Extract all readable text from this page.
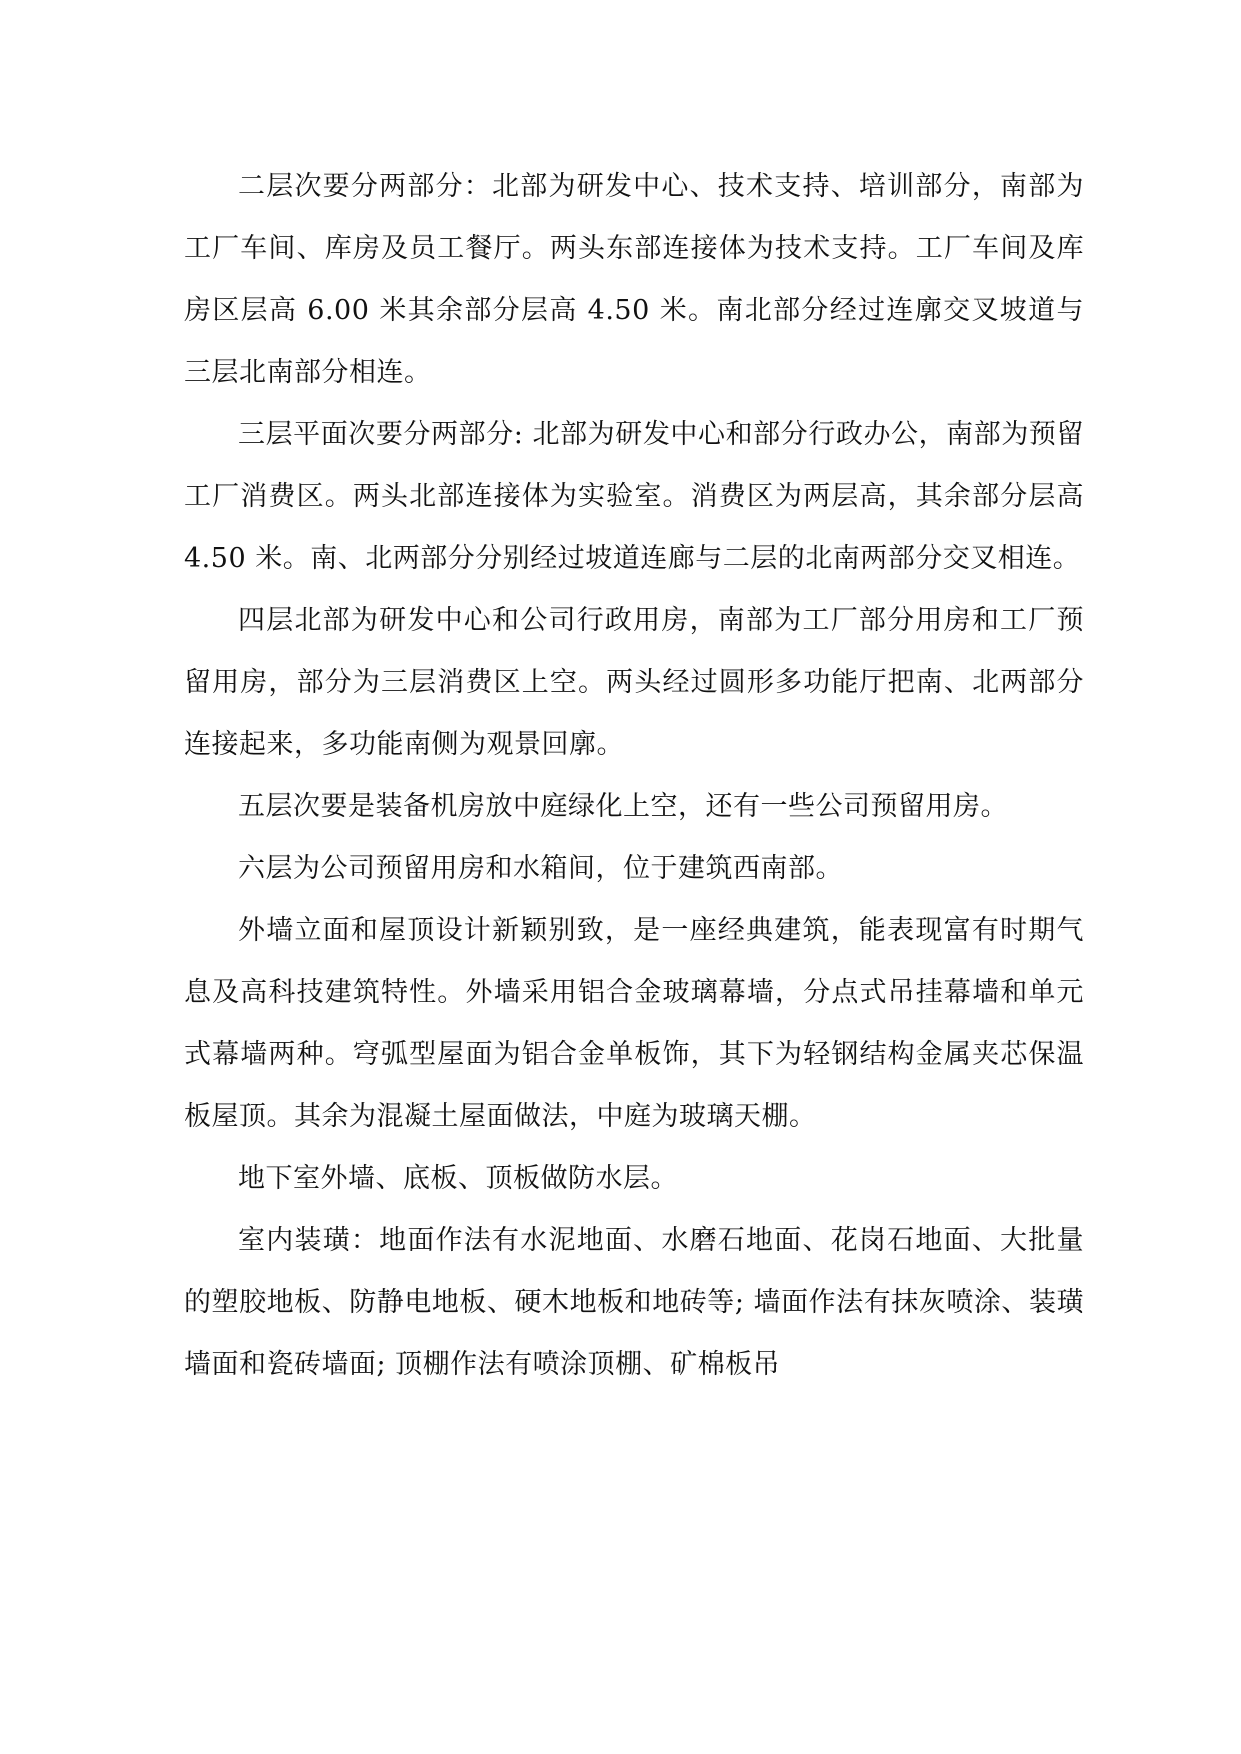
二层次要分两部分：北部为研发中心、技术支持、培训部分，南部为工厂车间、库房及员工餐厅。两头东部连接体为技术支持。工厂车间及库房区层高 6.00 米其余部分层高 4.50 米。南北部分经过连廓交叉坡道与三层北南部分相连。

三层平面次要分两部分: 北部为研发中心和部分行政办公，南部为预留工厂消费区。两头北部连接体为实验室。消费区为两层高，其余部分层高 4.50 米。南、北两部分分别经过坡道连廊与二层的北南两部分交叉相连。

四层北部为研发中心和公司行政用房，南部为工厂部分用房和工厂预留用房，部分为三层消费区上空。两头经过圆形多功能厅把南、北两部分连接起来，多功能南侧为观景回廓。

五层次要是装备机房放中庭绿化上空，还有一些公司预留用房。

六层为公司预留用房和水箱间，位于建筑西南部。

外墙立面和屋顶设计新颖别致，是一座经典建筑，能表现富有时期气息及高科技建筑特性。外墙采用铝合金玻璃幕墙，分点式吊挂幕墙和单元式幕墙两种。穹弧型屋面为铝合金单板饰，其下为轻钢结构金属夹芯保温板屋顶。其余为混凝土屋面做法，中庭为玻璃天棚。

地下室外墙、底板、顶板做防水层。

室内装璜：地面作法有水泥地面、水磨石地面、花岗石地面、大批量的塑胶地板、防静电地板、硬木地板和地砖等; 墙面作法有抹灰喷涂、装璜墙面和瓷砖墙面; 顶棚作法有喷涂顶棚、矿棉板吊
